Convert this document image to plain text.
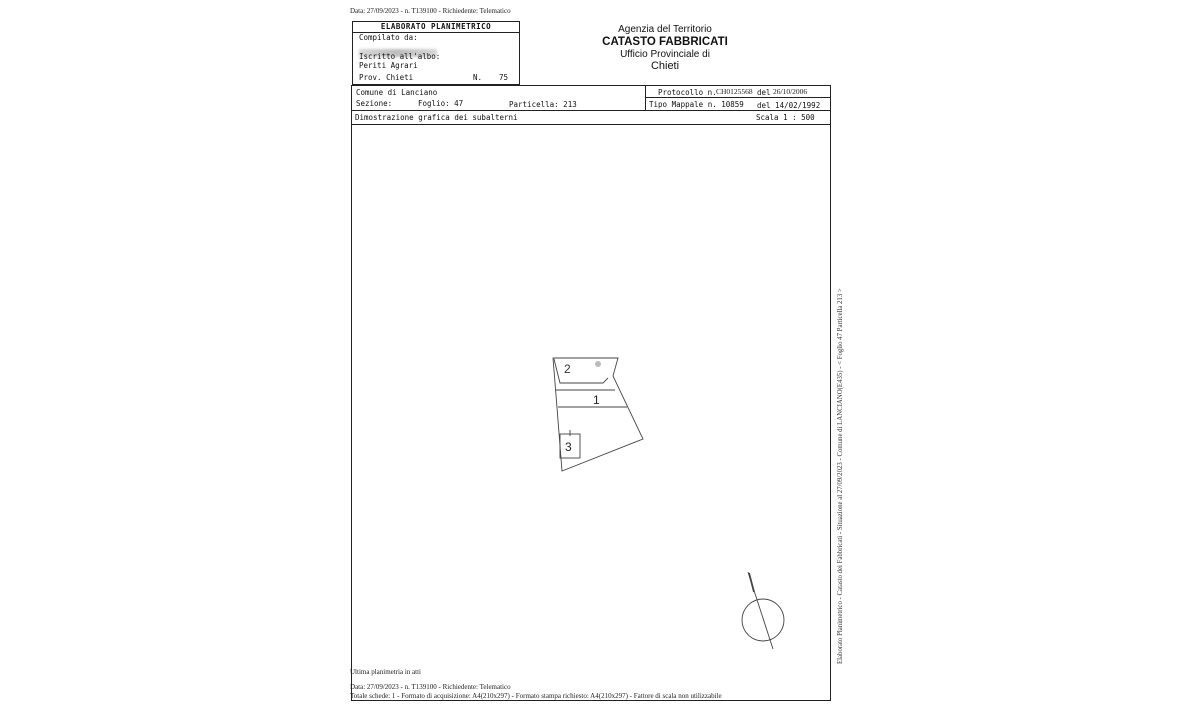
Data: 27/09/2023 - n. T139100 - Richiedente: Telematico
ELABORATO PLANIMETRICO
Compilato da:
Iscritto all'albo:
Periti Agrari
Prov. Chieti	N. 75
Agenzia del Territorio
CATASTO FABBRICATI
Ufficio Provinciale di
Chieti
Comune di Lanciano
Sezione:	Foglio: 47	Particella: 213
Protocollo n. CH0125568 del 26/10/2006
Tipo Mappale n. 10859 del 14/02/1992
Dimostrazione grafica dei subalterni	Scala 1 : 500
2
1
3	Elaborato Planimetrico - Catasto dei Fabbricati - Situazione al 27/09/2023 - Comune di LANCIANO(E435) - < Foglio 47 Particella 213 >
Ultima planimetria in atti
Data: 27/09/2023 - n. T139100 - Richiedente: Telematico
Totale schede: 1 - Formato di acquisizione: A4(210x297) - Formato stampa richiesto: A4(210x297) - Fattore di scala non utilizzabile
